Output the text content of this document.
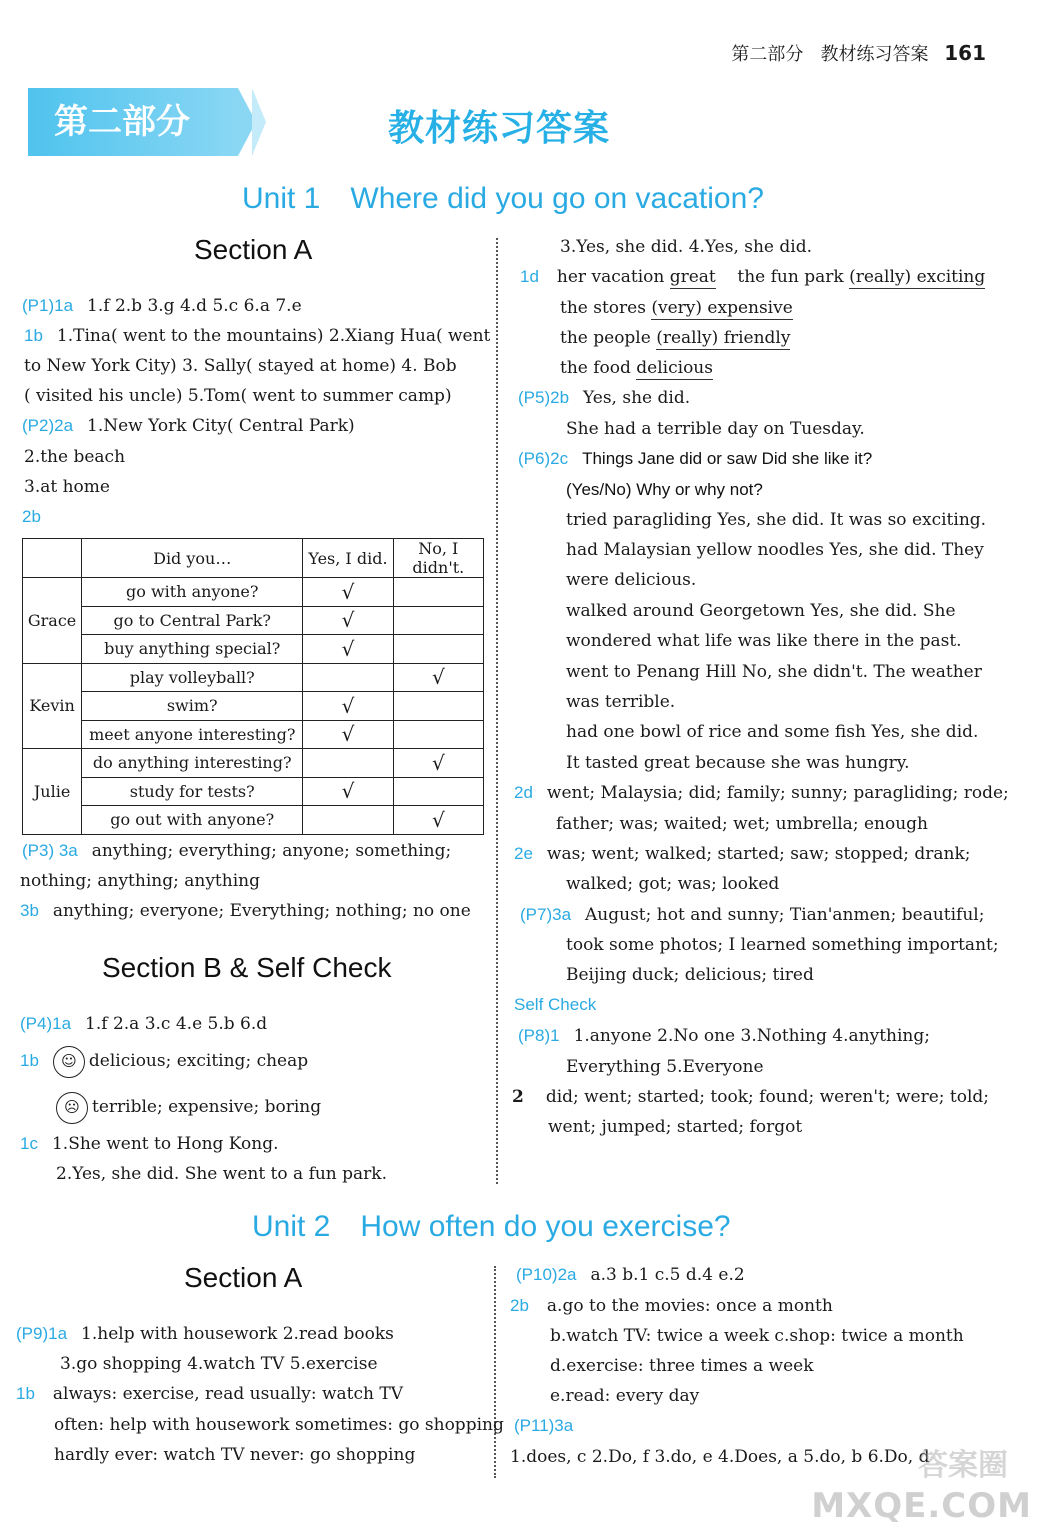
第二部分 教材练习答案 161
第二部分	教材练习答案
Unit 1 Where did you go on vacation?
Section A
(P1)1a 1.f 2.b 3.g 4.d 5.c 6.a 7.e
1b 1.Tina( went to the mountains) 2.Xiang Hua( went
to New York City) 3. Sally( stayed at home) 4. Bob
( visited his uncle) 5.Tom( went to summer camp)
(P2)2a 1.New York City( Central Park)
2.the beach
3.at home
2b
	Did you…	Yes, I did.	No, I didn't.
Grace	go with anyone?	√	
	go to Central Park?	√	
	buy anything special?	√	
Kevin	play volleyball?		√
	swim?	√	
	meet anyone interesting?	√	
Julie	do anything interesting?		√
	study for tests?	√	
	go out with anyone?		√
(P3) 3a anything; everything; anyone; something;
nothing; anything; anything
3b anything; everyone; Everything; nothing; no one
Section B & Self Check
(P4)1a 1.f 2.a 3.c 4.e 5.b 6.d
1b ☺ delicious; exciting; cheap
☹ terrible; expensive; boring
1c 1.She went to Hong Kong.
2.Yes, she did. She went to a fun park.
3.Yes, she did. 4.Yes, she did.
1d her vacation great the fun park (really) exciting
the stores (very) expensive
the people (really) friendly
the food delicious
(P5)2b Yes, she did.
She had a terrible day on Tuesday.
(P6)2c Things Jane did or saw Did she like it?
(Yes/No) Why or why not?
tried paragliding Yes, she did. It was so exciting.
had Malaysian yellow noodles Yes, she did. They
were delicious.
walked around Georgetown Yes, she did. She
wondered what life was like there in the past.
went to Penang Hill No, she didn't. The weather
was terrible.
had one bowl of rice and some fish Yes, she did.
It tasted great because she was hungry.
2d went; Malaysia; did; family; sunny; paragliding; rode;
father; was; waited; wet; umbrella; enough
2e was; went; walked; started; saw; stopped; drank;
walked; got; was; looked
(P7)3a August; hot and sunny; Tian'anmen; beautiful;
took some photos; I learned something important;
Beijing duck; delicious; tired
Self Check
(P8)1 1.anyone 2.No one 3.Nothing 4.anything;
Everything 5.Everyone
2 did; went; started; took; found; weren't; were; told;
went; jumped; started; forgot
Unit 2 How often do you exercise?
Section A
(P9)1a 1.help with housework 2.read books
3.go shopping 4.watch TV 5.exercise
1b always: exercise, read usually: watch TV
often: help with housework sometimes: go shopping
hardly ever: watch TV never: go shopping
(P10)2a a.3 b.1 c.5 d.4 e.2
2b a.go to the movies: once a month
b.watch TV: twice a week c.shop: twice a month
d.exercise: three times a week
e.read: every day
(P11)3a
1.does, c 2.Do, f 3.do, e 4.Does, a 5.do, b 6.Do, d
答案圈
MXQE.COM
